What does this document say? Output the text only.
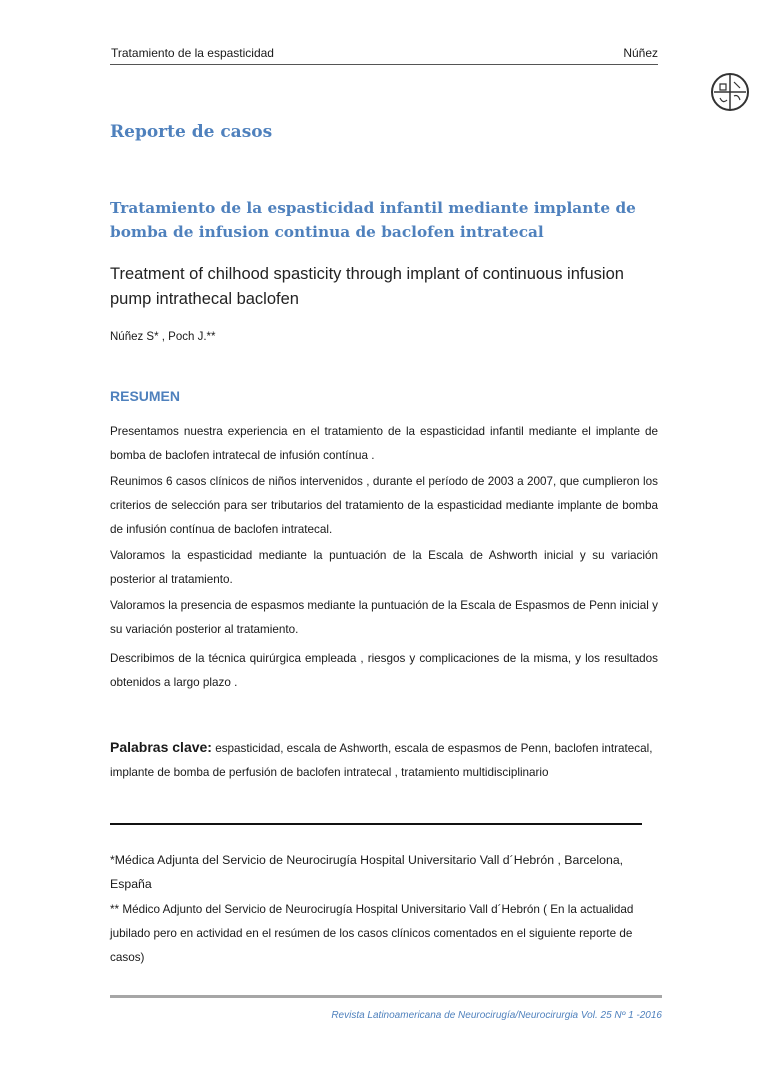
Tratamiento de la espasticidad	Núñez
Reporte de casos
Tratamiento de la espasticidad infantil mediante implante de
bomba de infusion continua de baclofen intratecal
Treatment of chilhood spasticity through implant of continuous infusion
pump intrathecal baclofen
Núñez S* , Poch J.**
RESUMEN
Presentamos nuestra experiencia en el tratamiento de la espasticidad infantil mediante el implante de bomba de baclofen intratecal de infusión contínua .
Reunimos 6 casos clínicos de niños intervenidos , durante el período de 2003 a 2007, que cumplieron los criterios de selección para ser tributarios del tratamiento de la espasticidad mediante implante de bomba de infusión contínua de baclofen intratecal.
Valoramos la espasticidad mediante la puntuación de la Escala de Ashworth inicial y su variación posterior al tratamiento.
Valoramos la presencia de espasmos mediante la puntuación de la Escala de Espasmos de Penn inicial y su variación posterior al tratamiento.
Describimos de la técnica quirúrgica empleada , riesgos y complicaciones de la misma, y los resultados obtenidos a largo plazo .
Palabras clave: espasticidad, escala de Ashworth, escala de espasmos de Penn, baclofen intratecal, implante de bomba de perfusión de baclofen intratecal , tratamiento multidisciplinario
*Médica Adjunta del Servicio de Neurocirugía Hospital Universitario Vall d´Hebrón , Barcelona, España
** Médico Adjunto del Servicio de Neurocirugía Hospital Universitario Vall d´Hebrón ( En la actualidad jubilado pero en actividad en el resúmen de los casos clínicos comentados en el siguiente reporte de casos)
Revista Latinoamericana de Neurocirugía/Neurocirurgia Vol. 25 Nº 1 -2016
